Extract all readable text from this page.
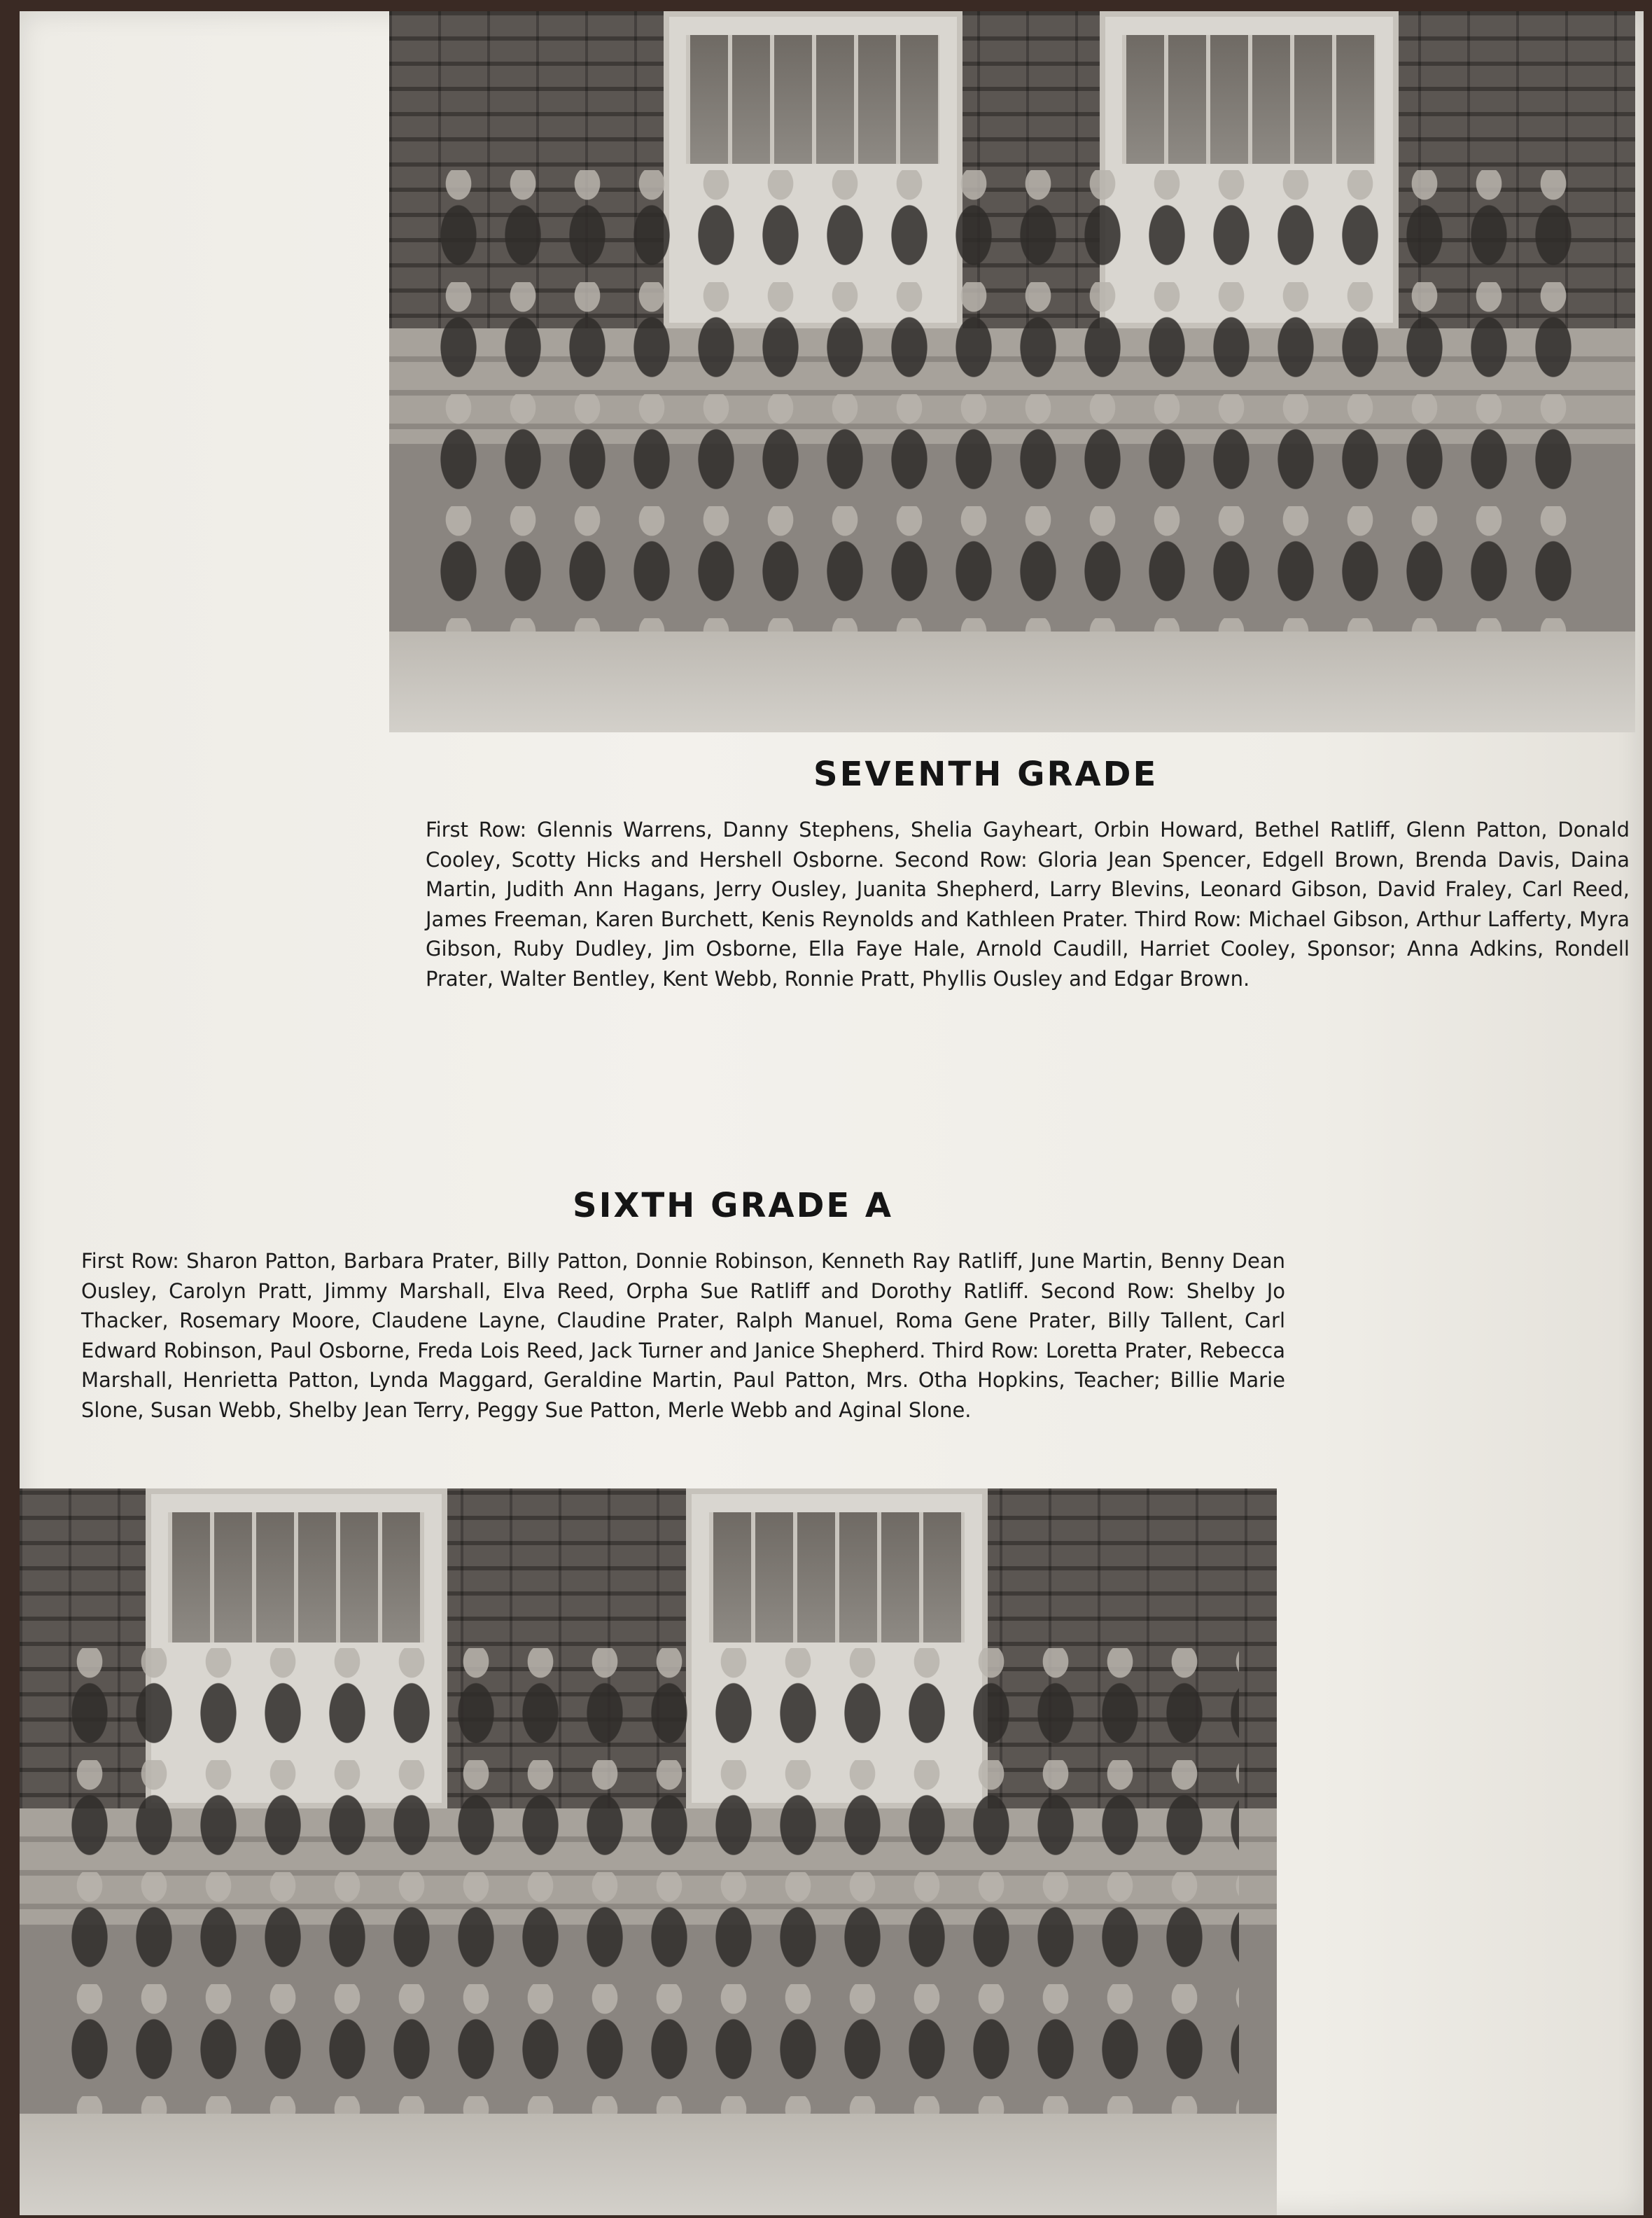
SEVENTH GRADE

First Row: Glennis Warrens, Danny Stephens, Shelia Gayheart, Orbin Howard, Bethel Ratliff, Glenn Patton, Donald Cooley, Scotty Hicks and Hershell Osborne. Second Row: Gloria Jean Spencer, Edgell Brown, Brenda Davis, Daina Martin, Judith Ann Hagans, Jerry Ousley, Juanita Shepherd, Larry Blevins, Leonard Gibson, David Fraley, Carl Reed, James Freeman, Karen Burchett, Kenis Reynolds and Kathleen Prater. Third Row: Michael Gibson, Arthur Lafferty, Myra Gibson, Ruby Dudley, Jim Osborne, Ella Faye Hale, Arnold Caudill, Harriet Cooley, Sponsor; Anna Adkins, Rondell Prater, Walter Bentley, Kent Webb, Ronnie Pratt, Phyllis Ousley and Edgar Brown.

SIXTH GRADE A

First Row: Sharon Patton, Barbara Prater, Billy Patton, Donnie Robinson, Kenneth Ray Ratliff, June Martin, Benny Dean Ousley, Carolyn Pratt, Jimmy Marshall, Elva Reed, Orpha Sue Ratliff and Dorothy Ratliff. Second Row: Shelby Jo Thacker, Rosemary Moore, Claudene Layne, Claudine Prater, Ralph Manuel, Roma Gene Prater, Billy Tallent, Carl Edward Robinson, Paul Osborne, Freda Lois Reed, Jack Turner and Janice Shepherd. Third Row: Loretta Prater, Rebecca Marshall, Henrietta Patton, Lynda Maggard, Geraldine Martin, Paul Patton, Mrs. Otha Hopkins, Teacher; Billie Marie Slone, Susan Webb, Shelby Jean Terry, Peggy Sue Patton, Merle Webb and Aginal Slone.
